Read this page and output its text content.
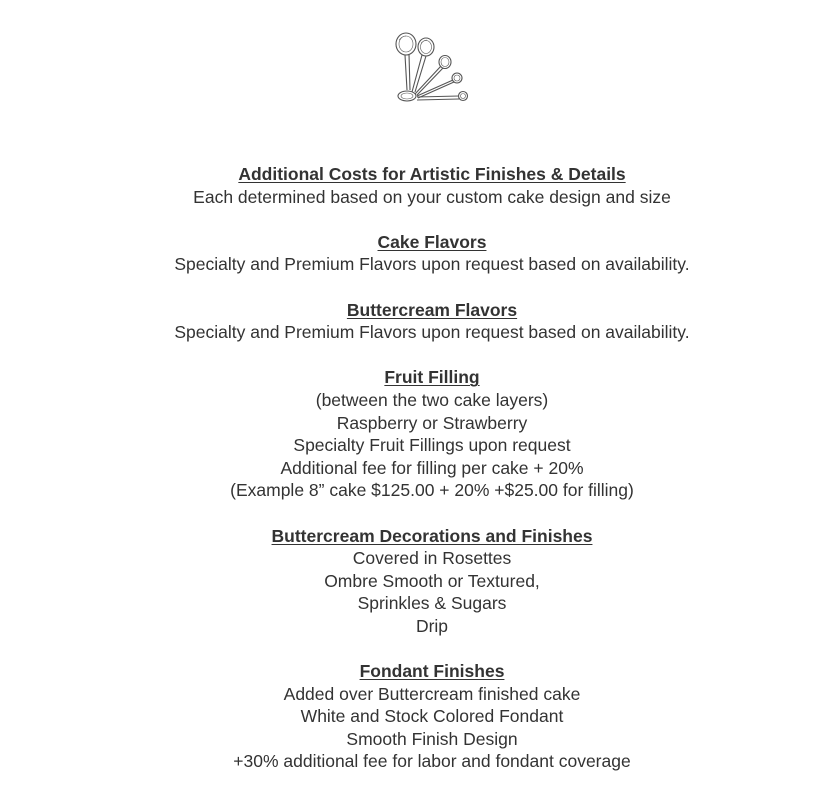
Additional Costs for Artistic Finishes & Details
Each determined based on your custom cake design and size
Cake Flavors
Specialty and Premium Flavors upon request based on availability.
Buttercream Flavors
Specialty and Premium Flavors upon request based on availability.
Fruit Filling
(between the two cake layers)
Raspberry or Strawberry
Specialty Fruit Fillings upon request
Additional fee for filling per cake + 20%
(Example 8” cake $125.00 + 20% +$25.00 for filling)
Buttercream Decorations and Finishes
Covered in Rosettes
Ombre Smooth or Textured,
Sprinkles & Sugars
Drip
Fondant Finishes
Added over Buttercream finished cake
White and Stock Colored Fondant
Smooth Finish Design
+30% additional fee for labor and fondant coverage
